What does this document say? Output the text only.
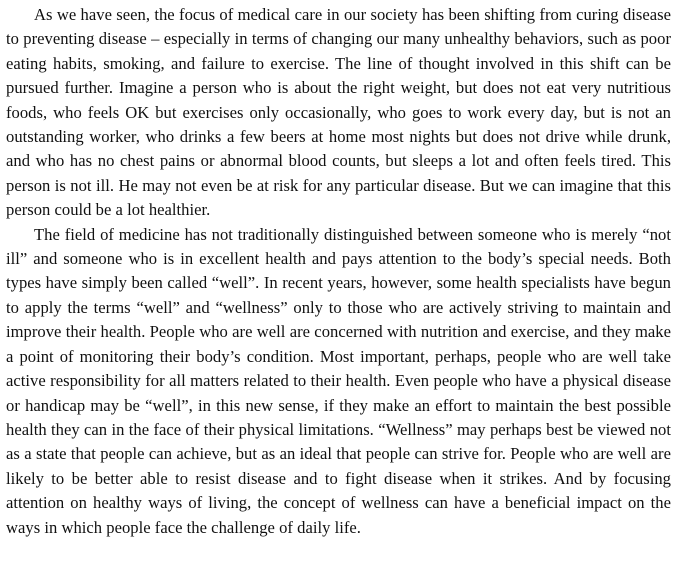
As we have seen, the focus of medical care in our society has been shifting from curing disease to preventing disease – especially in terms of changing our many unhealthy behaviors, such as poor eating habits, smoking, and failure to exercise. The line of thought involved in this shift can be pursued further. Imagine a person who is about the right weight, but does not eat very nutritious foods, who feels OK but exercises only occasionally, who goes to work every day, but is not an outstanding worker, who drinks a few beers at home most nights but does not drive while drunk, and who has no chest pains or abnormal blood counts, but sleeps a lot and often feels tired. This person is not ill. He may not even be at risk for any particular disease. But we can imagine that this person could be a lot healthier.

The field of medicine has not traditionally distinguished between someone who is merely “not ill” and someone who is in excellent health and pays attention to the body’s special needs. Both types have simply been called “well”. In recent years, however, some health specialists have begun to apply the terms “well” and “wellness” only to those who are actively striving to maintain and improve their health. People who are well are concerned with nutrition and exercise, and they make a point of monitoring their body’s condition. Most important, perhaps, people who are well take active responsibility for all matters related to their health. Even people who have a physical disease or handicap may be “well”, in this new sense, if they make an effort to maintain the best possible health they can in the face of their physical limitations. “Wellness” may perhaps best be viewed not as a state that people can achieve, but as an ideal that people can strive for. People who are well are likely to be better able to resist disease and to fight disease when it strikes. And by focusing attention on healthy ways of living, the concept of wellness can have a beneficial impact on the ways in which people face the challenge of daily life.
